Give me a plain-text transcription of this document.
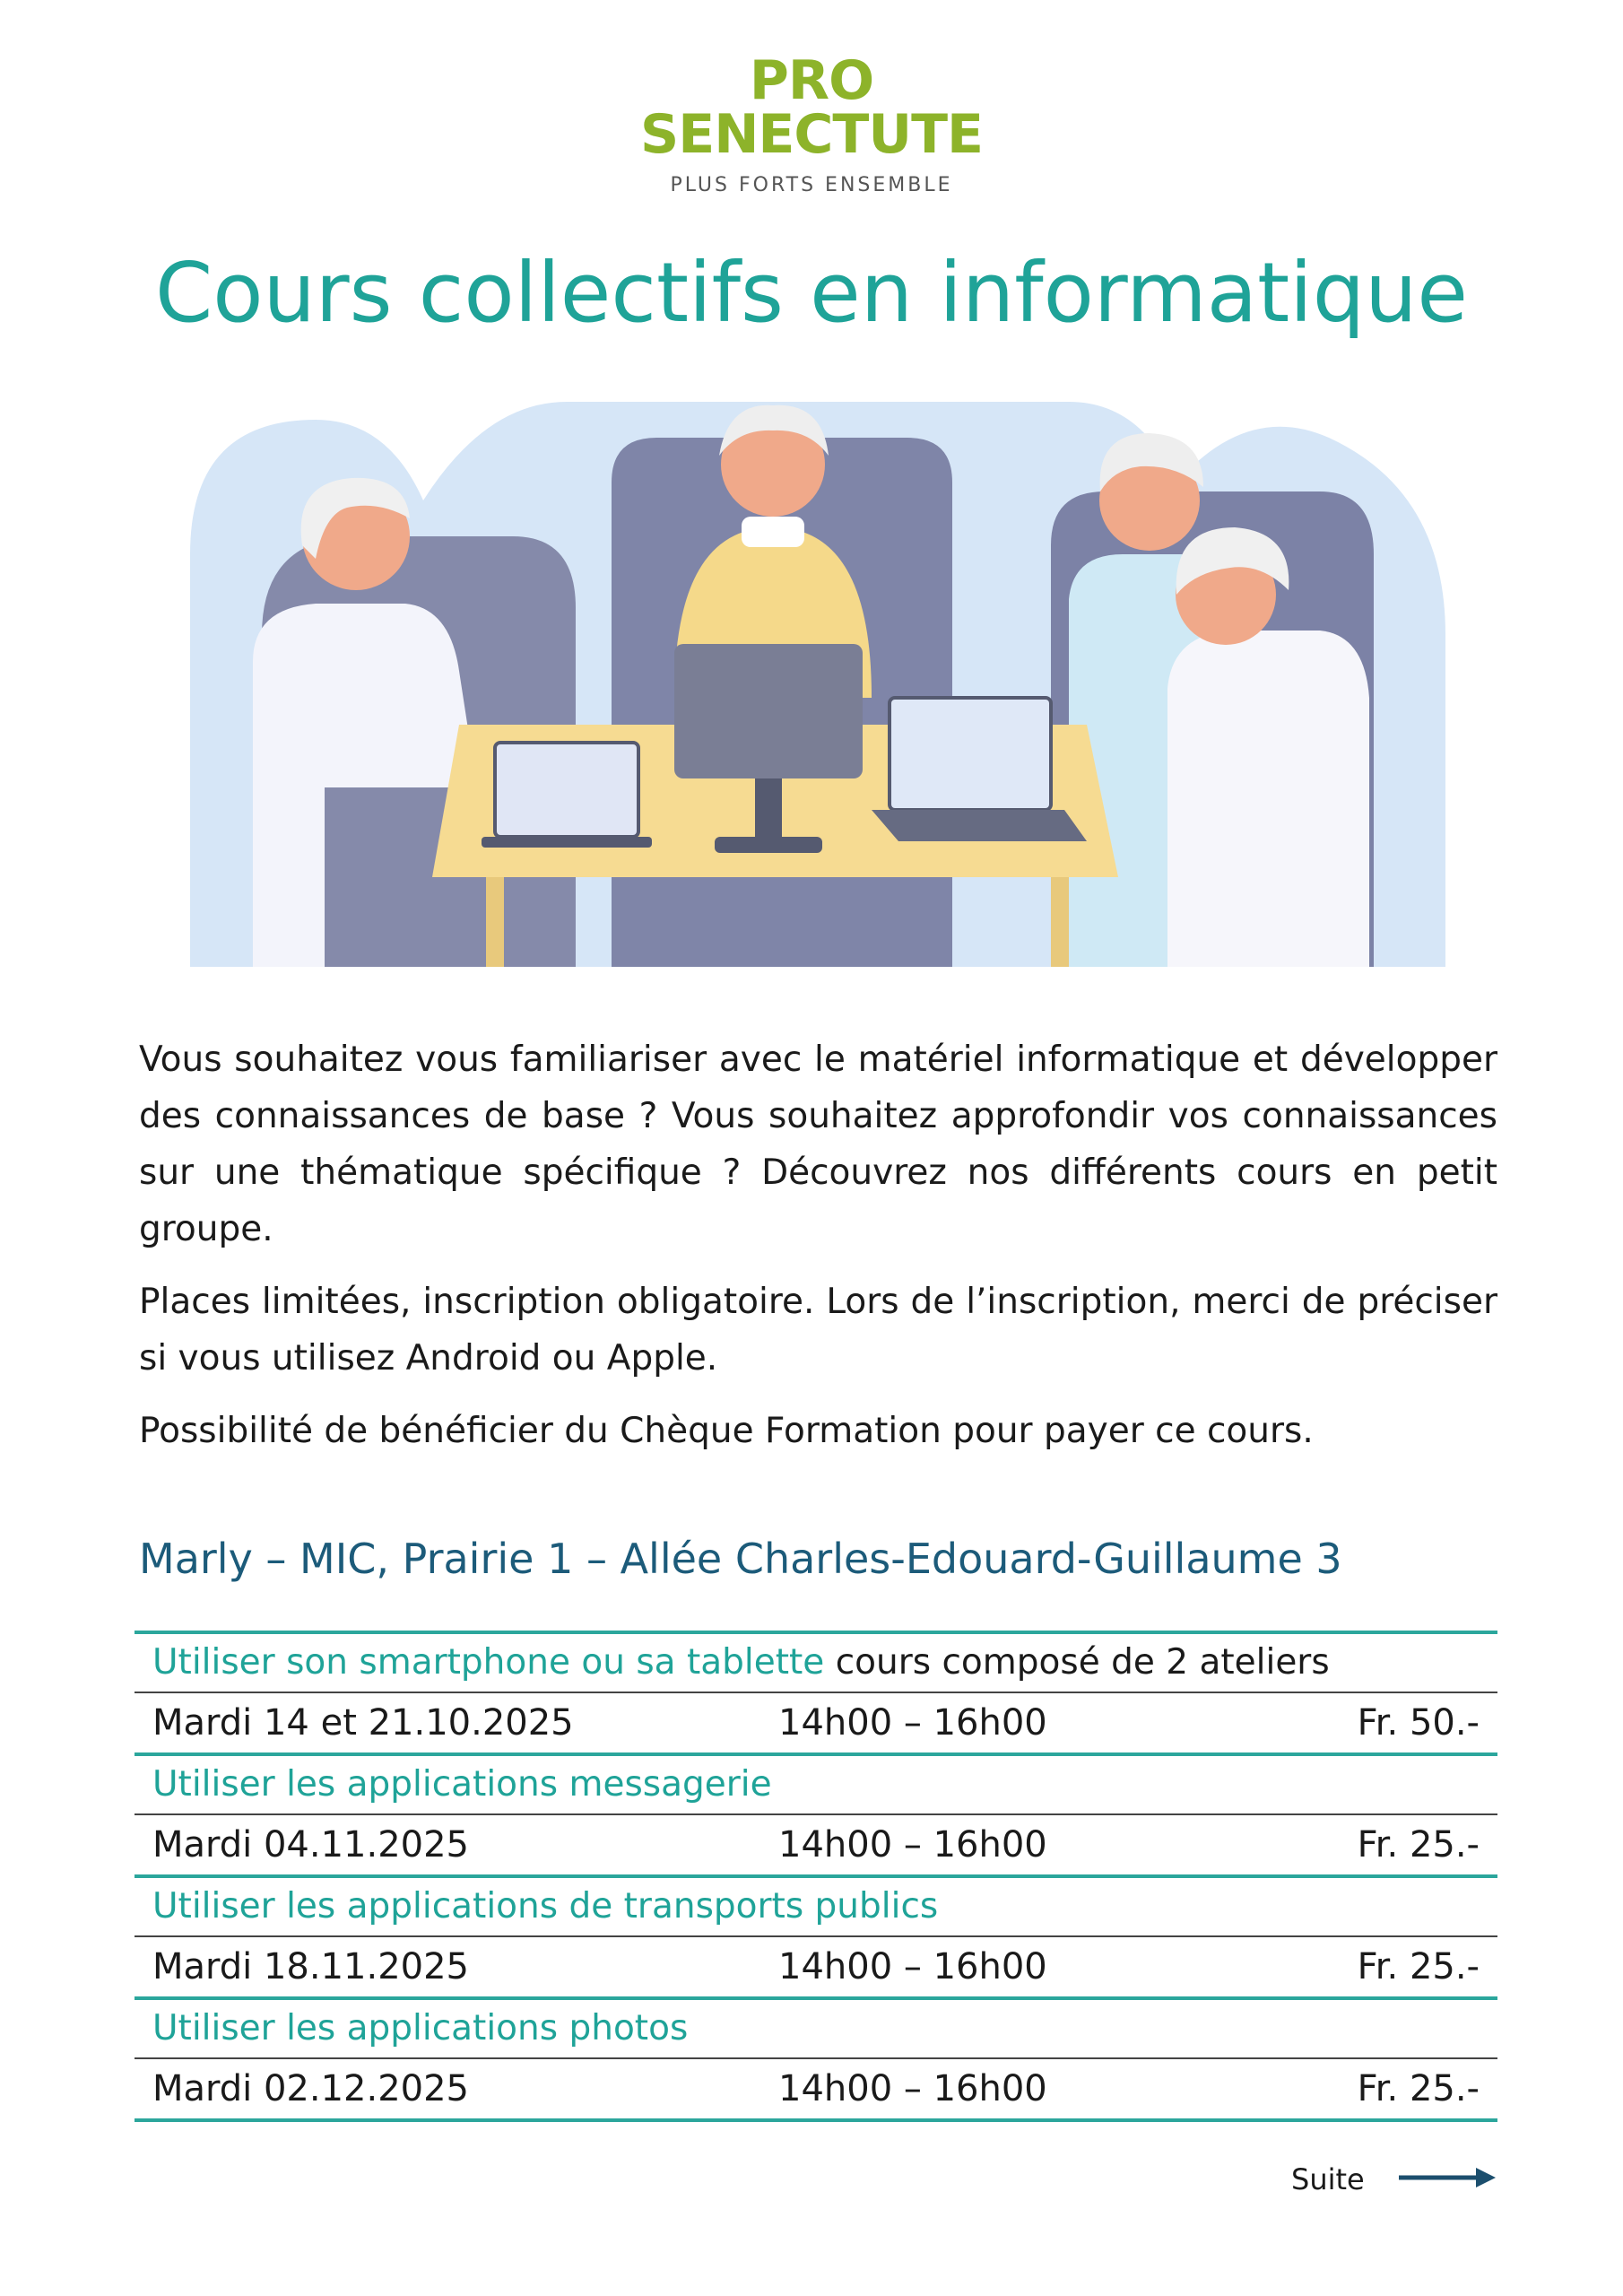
PRO
SENECTUTE
PLUS FORTS ENSEMBLE
Cours collectifs en informatique

Vous souhaitez vous familiariser avec le matériel informatique et développer des connaissances de base ? Vous souhaitez approfondir vos connaissances sur une thématique spécifique ? Découvrez nos différents cours en petit groupe.

Places limitées, inscription obligatoire. Lors de l’inscription, merci de préciser si vous utilisez Android ou Apple.

Possibilité de bénéficier du Chèque Formation pour payer ce cours.

Marly – MIC, Prairie 1 – Allée Charles-Edouard-Guillaume 3
Utiliser son smartphone ou sa tablette cours composé de 2 ateliers
Mardi 14 et 21.10.2025	14h00 – 16h00	Fr. 50.-
Utiliser les applications messagerie
Mardi 04.11.2025	14h00 – 16h00	Fr. 25.-
Utiliser les applications de transports publics
Mardi 18.11.2025	14h00 – 16h00	Fr. 25.-
Utiliser les applications photos
Mardi 02.12.2025	14h00 – 16h00	Fr. 25.-
Suite
